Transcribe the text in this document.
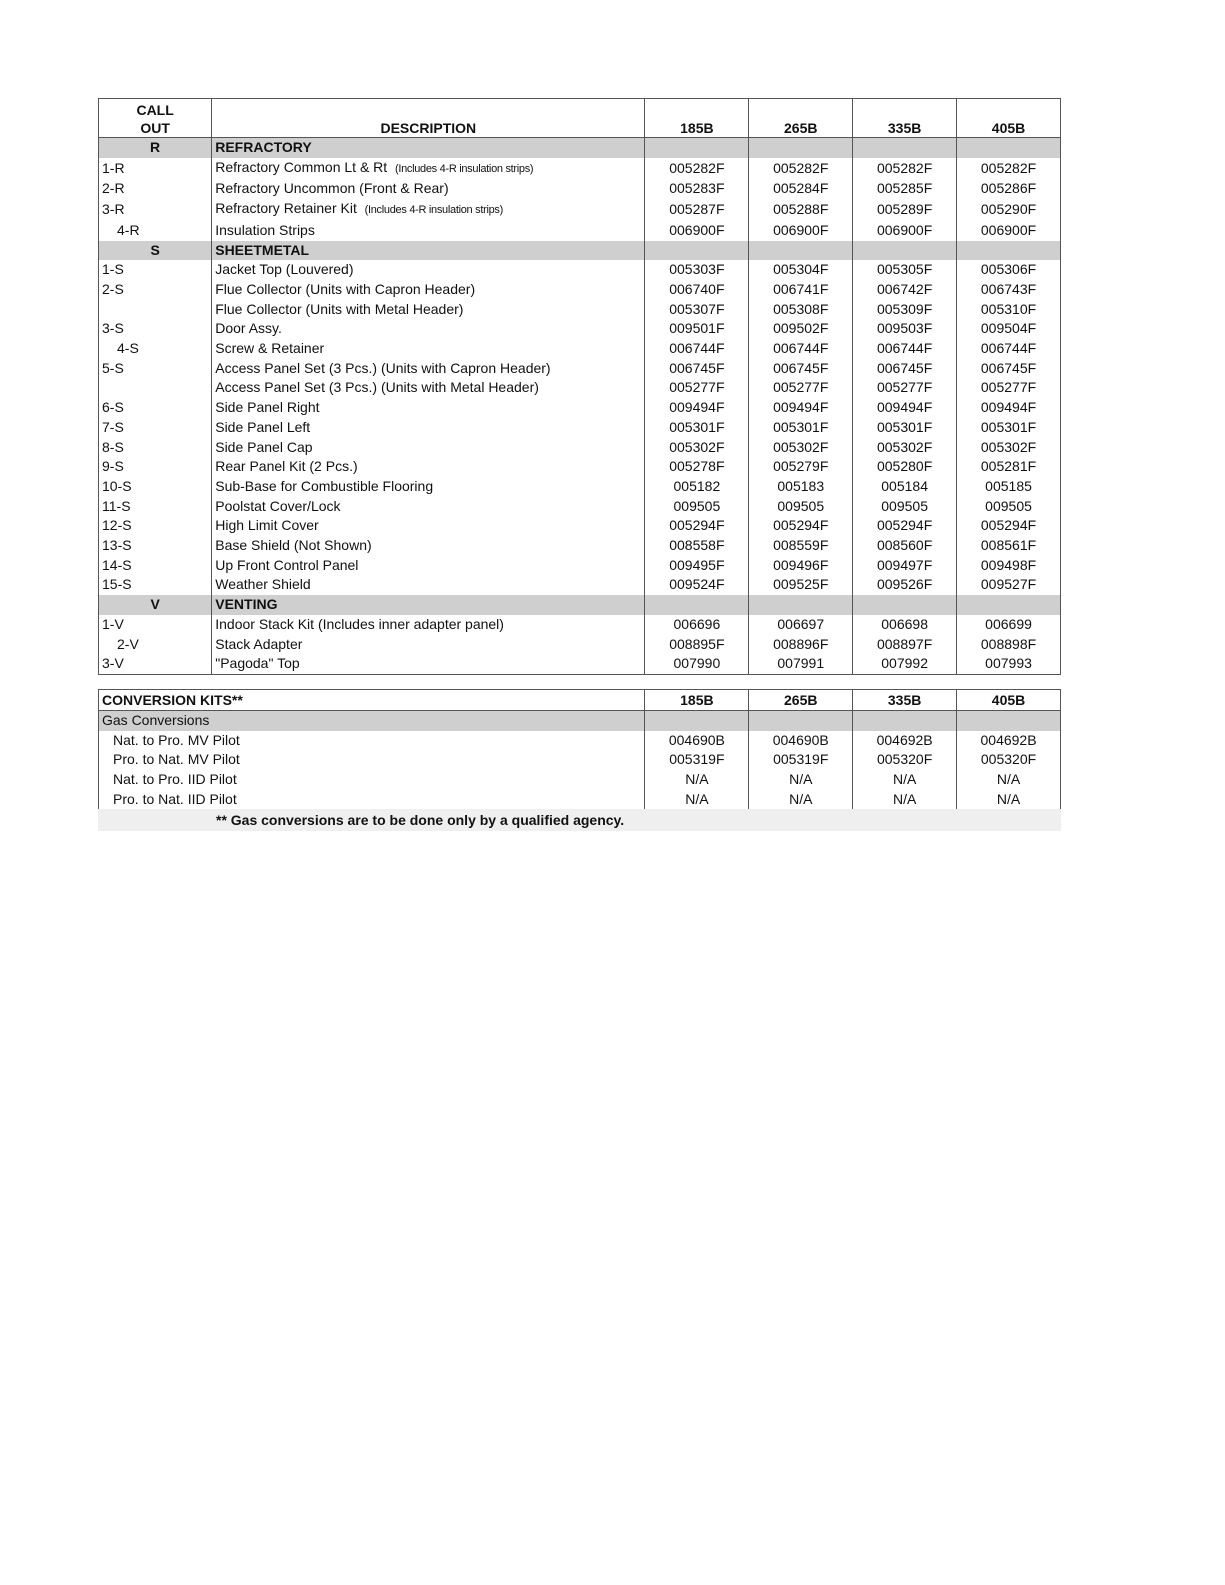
CALL
OUT	DESCRIPTION	185B	265B	335B	405B
R	REFRACTORY				
1-R	Refractory Common Lt & Rt (Includes 4-R insulation strips)	005282F	005282F	005282F	005282F
2-R	Refractory Uncommon (Front & Rear)	005283F	005284F	005285F	005286F
3-R	Refractory Retainer Kit (Includes 4-R insulation strips)	005287F	005288F	005289F	005290F
4-R	Insulation Strips	006900F	006900F	006900F	006900F
S	SHEETMETAL				
1-S	Jacket Top (Louvered)	005303F	005304F	005305F	005306F
2-S	Flue Collector (Units with Capron Header)	006740F	006741F	006742F	006743F
	Flue Collector (Units with Metal Header)	005307F	005308F	005309F	005310F
3-S	Door Assy.	009501F	009502F	009503F	009504F
4-S	Screw & Retainer	006744F	006744F	006744F	006744F
5-S	Access Panel Set (3 Pcs.) (Units with Capron Header)	006745F	006745F	006745F	006745F
	Access Panel Set (3 Pcs.) (Units with Metal Header)	005277F	005277F	005277F	005277F
6-S	Side Panel Right	009494F	009494F	009494F	009494F
7-S	Side Panel Left	005301F	005301F	005301F	005301F
8-S	Side Panel Cap	005302F	005302F	005302F	005302F
9-S	Rear Panel Kit (2 Pcs.)	005278F	005279F	005280F	005281F
10-S	Sub-Base for Combustible Flooring	005182	005183	005184	005185
11-S	Poolstat Cover/Lock	009505	009505	009505	009505
12-S	High Limit Cover	005294F	005294F	005294F	005294F
13-S	Base Shield (Not Shown)	008558F	008559F	008560F	008561F
14-S	Up Front Control Panel	009495F	009496F	009497F	009498F
15-S	Weather Shield	009524F	009525F	009526F	009527F
V	VENTING				
1-V	Indoor Stack Kit (Includes inner adapter panel)	006696	006697	006698	006699
2-V	Stack Adapter	008895F	008896F	008897F	008898F
3-V	"Pagoda" Top	007990	007991	007992	007993
CONVERSION KITS**	185B	265B	335B	405B
Gas Conversions				
Nat. to Pro. MV Pilot	004690B	004690B	004692B	004692B
Pro. to Nat. MV Pilot	005319F	005319F	005320F	005320F
Nat. to Pro. IID Pilot	N/A	N/A	N/A	N/A
Pro. to Nat. IID Pilot	N/A	N/A	N/A	N/A
** Gas conversions are to be done only by a qualified agency.
